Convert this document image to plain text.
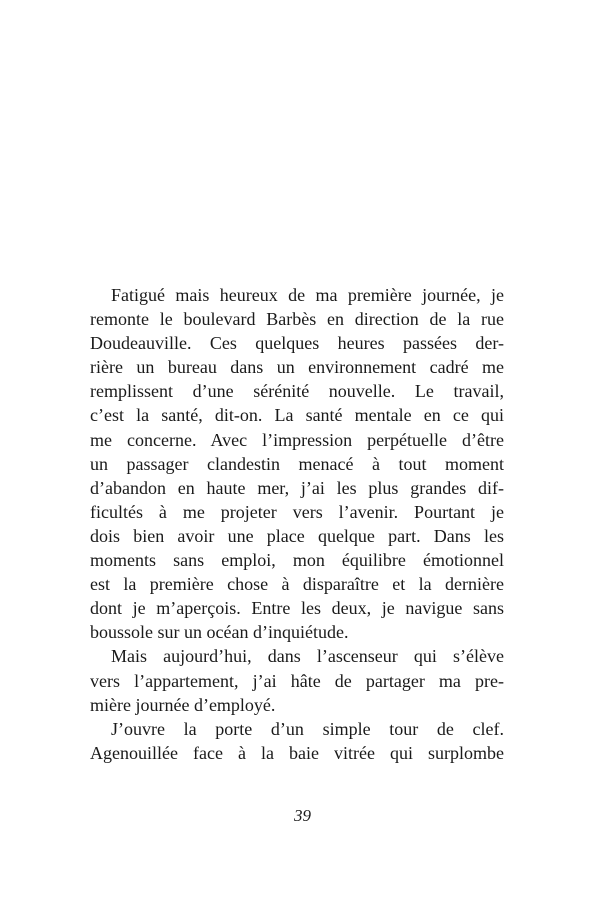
Fatigué mais heureux de ma première journée, je
remonte le boulevard Barbès en direction de la rue
Doudeauville. Ces quelques heures passées der-
rière un bureau dans un environnement cadré me
remplissent d’une sérénité nouvelle. Le travail,
c’est la santé, dit-on. La santé mentale en ce qui
me concerne. Avec l’impression perpétuelle d’être
un passager clandestin menacé à tout moment
d’abandon en haute mer, j’ai les plus grandes dif-
ficultés à me projeter vers l’avenir. Pourtant je
dois bien avoir une place quelque part. Dans les
moments sans emploi, mon équilibre émotionnel
est la première chose à disparaître et la dernière
dont je m’aperçois. Entre les deux, je navigue sans
boussole sur un océan d’inquiétude.
Mais aujourd’hui, dans l’ascenseur qui s’élève
vers l’appartement, j’ai hâte de partager ma pre-
mière journée d’employé.
J’ouvre la porte d’un simple tour de clef.
Agenouillée face à la baie vitrée qui surplombe
39
